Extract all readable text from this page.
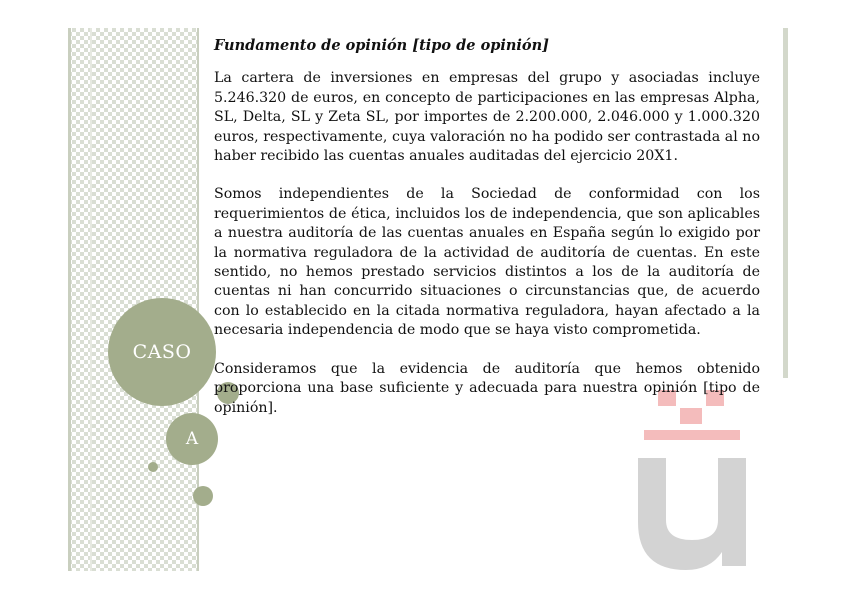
CASO
A

Fundamento de opinión [tipo de opinión]

La cartera de inversiones en empresas del grupo y asociadas incluye 5.246.320 de euros, en concepto de participaciones en las empresas Alpha, SL, Delta, SL y Zeta SL, por importes de 2.200.000, 2.046.000 y 1.000.320 euros, respectivamente, cuya valoración no ha podido ser contrastada al no haber recibido las cuentas anuales auditadas del ejercicio 20X1.

Somos independientes de la Sociedad de conformidad con los requerimientos de ética, incluidos los de independencia, que son aplicables a nuestra auditoría de las cuentas anuales en España según lo exigido por la normativa reguladora de la actividad de auditoría de cuentas. En este sentido, no hemos prestado servicios distintos a los de la auditoría de cuentas ni han concurrido situaciones o circunstancias que, de acuerdo con lo establecido en la citada normativa reguladora, hayan afectado a la necesaria independencia de modo que se haya visto comprometida.

Consideramos que la evidencia de auditoría que hemos obtenido proporciona una base suficiente y adecuada para nuestra opinión [tipo de opinión].
